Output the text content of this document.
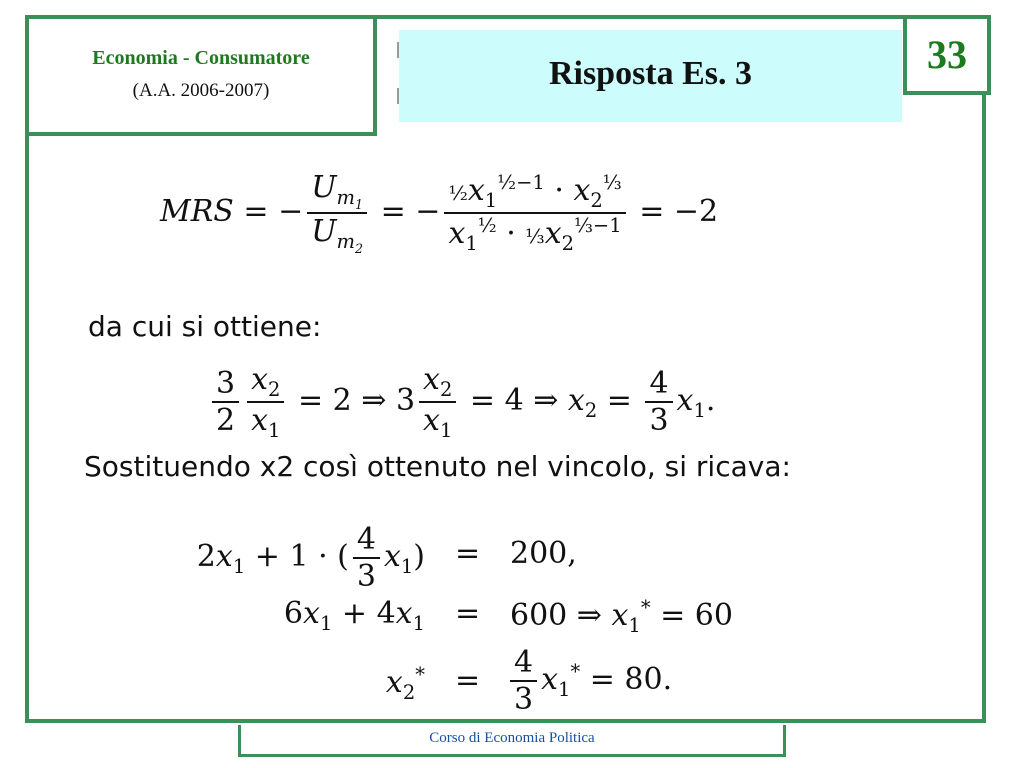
Economia - Consumatore
(A.A. 2006-2007)	Risposta Es. 3	33
MRS = − $\frac{U_{m_1}}{U_{m_2}}$ = − $\frac{\frac{1}{2}x_1^{\frac{1}{2}-1} \cdot x_2^{\frac{1}{3}}}{x_1^{\frac{1}{2}} \cdot \frac{1}{3}x_2^{\frac{1}{3}-1}} = -2$
da cui si ottiene:
$\frac{3}{2} \frac{x_2}{x_1} = 2$ ⇒ $3 \frac{x_2}{x_1} = 4$ ⇒ $x_2 = \frac{4}{3} x_1$.
Sostituendo x2 così ottenuto nel vincolo, si ricava:
$2x_1 + 1$ · ( $\frac{4}{3} x_1) = 200$,
$6x_1 + 4x_1 = 600$ ⇒ $x_1^* = 60$
$x_2^* = \frac{4}{3} x_1^* = 80$.
Corso di Economia Politica
